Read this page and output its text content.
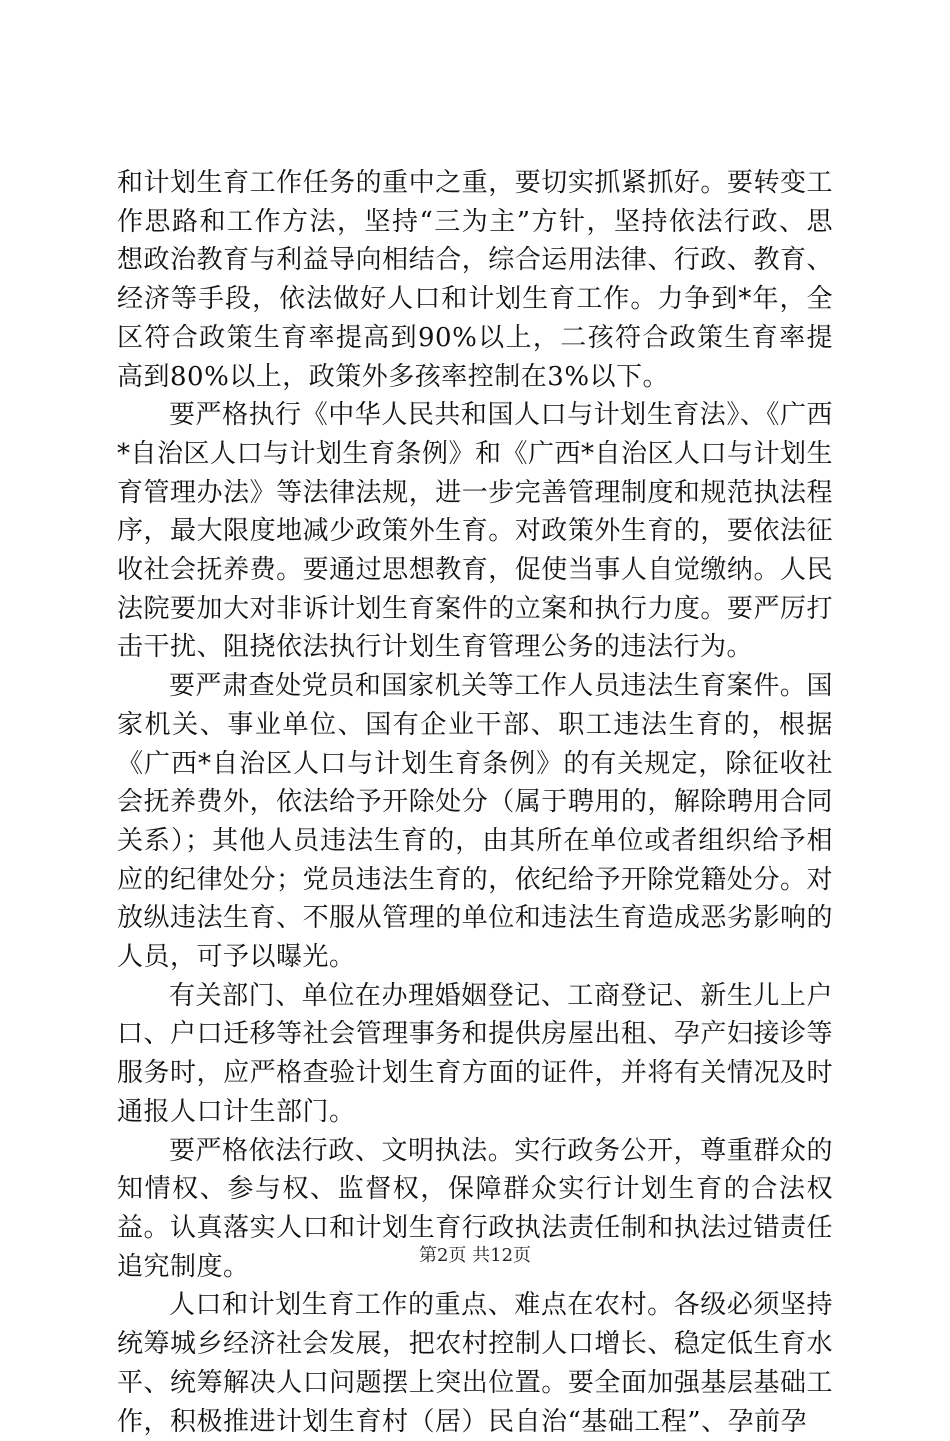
和计划生育工作任务的重中之重，要切实抓紧抓好。要转变工作思路和工作方法，坚持“三为主”方针，坚持依法行政、思想政治教育与利益导向相结合，综合运用法律、行政、教育、经济等手段，依法做好人口和计划生育工作。力争到*年，全区符合政策生育率提高到90%以上，二孩符合政策生育率提高到80%以上，政策外多孩率控制在3%以下。

要严格执行《中华人民共和国人口与计划生育法》、《广西*自治区人口与计划生育条例》和《广西*自治区人口与计划生育管理办法》等法律法规，进一步完善管理制度和规范执法程序，最大限度地减少政策外生育。对政策外生育的，要依法征收社会抚养费。要通过思想教育，促使当事人自觉缴纳。人民法院要加大对非诉计划生育案件的立案和执行力度。要严厉打击干扰、阻挠依法执行计划生育管理公务的违法行为。

要严肃查处党员和国家机关等工作人员违法生育案件。国家机关、事业单位、国有企业干部、职工违法生育的，根据《广西*自治区人口与计划生育条例》的有关规定，除征收社会抚养费外，依法给予开除处分（属于聘用的，解除聘用合同关系）；其他人员违法生育的，由其所在单位或者组织给予相应的纪律处分；党员违法生育的，依纪给予开除党籍处分。对放纵违法生育、不服从管理的单位和违法生育造成恶劣影响的人员，可予以曝光。

有关部门、单位在办理婚姻登记、工商登记、新生儿上户口、户口迁移等社会管理事务和提供房屋出租、孕产妇接诊等服务时，应严格查验计划生育方面的证件，并将有关情况及时通报人口计生部门。

要严格依法行政、文明执法。实行政务公开，尊重群众的知情权、参与权、监督权，保障群众实行计划生育的合法权益。认真落实人口和计划生育行政执法责任制和执法过错责任追究制度。

人口和计划生育工作的重点、难点在农村。各级必须坚持统筹城乡经济社会发展，把农村控制人口增长、稳定低生育水平、统筹解决人口问题摆上突出位置。要全面加强基层基础工作，积极推进计划生育村（居）民自治“基础工程”、孕前孕

第2页 共12页
